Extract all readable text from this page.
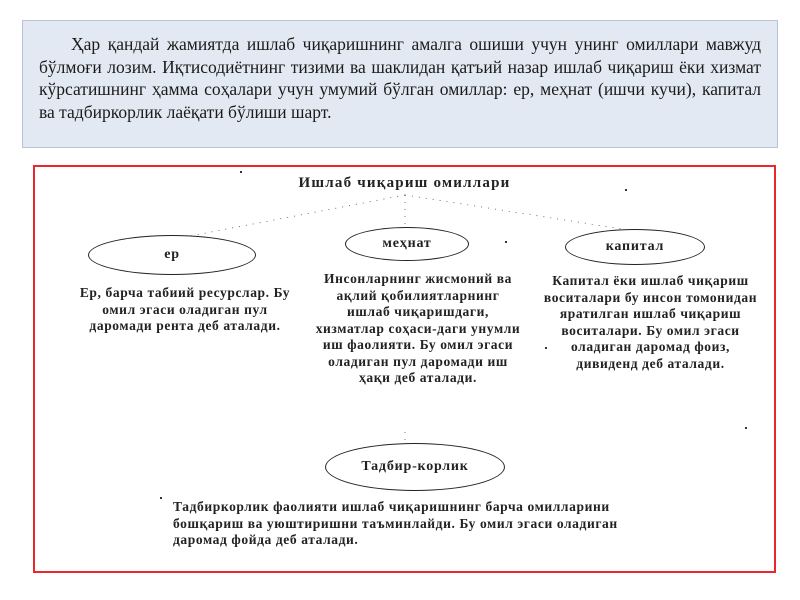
Ҳар қандай жамиятда ишлаб чиқаришнинг амалга ошиши учун унинг омиллари мавжуд бўлмоғи лозим. Иқтисодиётнинг тизими ва шаклидан қатъий назар ишлаб чиқариш ёки хизмат кўрсатишнинг ҳамма соҳалари учун умумий бўлган омиллар: ер, меҳнат (ишчи кучи), капитал ва тадбиркорлик лаёқати бўлиши шарт.
Ишлаб чиқариш омиллари
ер
меҳнат	капитал
Тадбир-корлик
Ер, барча табиий ресурслар. Бу омил эгаси оладиган пул даромади рента деб аталади.
Инсонларнинг жисмоний ва ақлий қобилиятларнинг ишлаб чиқаришдаги, хизматлар соҳаси-даги унумли иш фаолияти. Бу омил эгаси оладиган пул даромади иш ҳақи деб аталади.
Капитал ёки ишлаб чиқариш воситалари бу инсон томонидан яратилган ишлаб чиқариш воситалари. Бу омил эгаси оладиган даромад фоиз, дивиденд деб аталади.
Тадбиркорлик фаолияти ишлаб чиқаришнинг барча омилларини бошқариш ва уюштиришни таъминлайди. Бу омил эгаси оладиган даромад фойда деб аталади.
